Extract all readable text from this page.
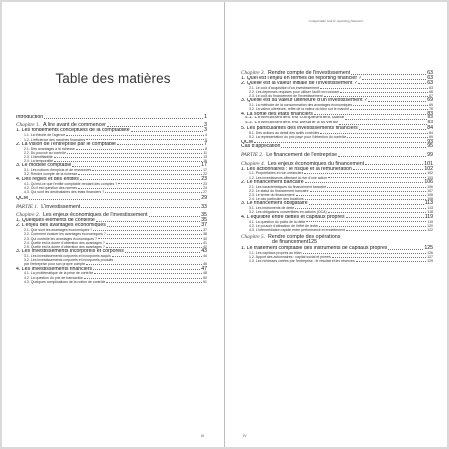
Table des matières
Introduction	1
Chapitre 1. À lire avant de commencer	3
1. Les fondements conceptuels de la comptabilité	3
1.1. La théorie de l'agence	4
1.2. L'efficience des marchés financiers	5
2. La vision de l'entreprise par le comptable	7
2.1. Des avantages à la richesse	8
2.2. Du pouvoir au contrôle	11
2.3. L'identifiabilité	13
2.4. La temporalité	16
3. Le modèle comptable	17
3.1. Les notions d'emplois et de ressources	17
3.2. Rendre compte de la richesse	22
4. Des règles et des entités	23
4.1. Qu'est-ce que l'entité comptable rendant des comptes ?	23
4.2. Où il est question des normes	24
4.3. Qui sont les destinataires des états financiers ?	27
QCM	29
PARTIE 1. L'investissement	33
Chapitre 2. Les enjeux économiques de l'investissement	35
1. Quelques éléments de contexte	35
2. L'enjeu des avantages économiques	37
2.1. Que sont les avantages économiques ?	37
2.2. Comment évaluer les avantages économiques ?	38
2.3. Qui contrôle les avantages économiques ?	40
2.4. Quelle est la durée d'obtention des avantages ?	41
2.5. Quelle est la durée d'obtention des avantages ?	42
3. Les investissements incorporels et corporels	43
3.1. Les investissements corporels et incorporels acquis	44
3.2. Les investissements corporels et incorporels produits
par l'entreprise pour son propre compte	46
4. Les investissements financiers	47
4.1. La problématique de la prise de contrôle	48
4.2. La question du prix de transaction	50
4.3. Quelques complications de la notion de contrôle	51
III
Comprendre tout le reporting financier
Chapitre 3. Rendre compte de l'investissement	63
1. Quel est l'enjeu en termes de reporting financier ?	63
2. Quelle est la valeur initiale de l'investissement ?	63
2.1. Le coût d'acquisition d'un investissement	63
2.2. Les dépenses requises pour utiliser l'actif non courant	66
2.3. Le coût du financement de l'investissement	67
3. Quelle est sa valeur ultérieure d'un investissement ?	69
3.1. La méthode de la consommation des avantages économiques	69
3.2. La valeur ultérieure, reflet de la valeur du bien sur le marché	76
4. La sortie des états financiers	83
4.1. L'investissement est complètement utilisé	83
4.2. L'investissement est destiné à la vente	83
5. Les particularités des investissements financiers	84
5.1. Des actions au détail des actifs contrôlés	84
5.2. La représentation du prix payé pour l'obtention du contrôle	89
QCM	93
Cas d'application	95
PARTIE 2. Le financement de l'entreprise	99
Chapitre 4. Les enjeux économiques du financement	101
1. Les actionnaires : le risque et la rémunération	102
1.1. Propriétaires et non créanciers	102
1.2. Les investisseurs affectant la rive d'une action	103
2. Le financement bancaire	106
2.1. Les caractéristiques du financement bancaire	106
2.2. Le statut du financement bancaire	107
2.3. Le terme du financement	108
2.4. Le cas particulier des locations	108
3. Le financement obligataire	113
3.1. Les instruments de dette	113
3.2. Les obligations convertibles en actions (OCA)	118
4. L'équilibre entre dettes et capitaux propres	119
4.1. La question du poids de la dette	119
4.2. Le pouvoir d'attraction de l'effet de levier	120
4.3. L'intermédiation rapide entre performance et endettement	122
Chapitre 5. Rendre compte des opérations
de financement 125
1. Le traitement comptable des instruments de capitaux propres	125
1.1. Les capitaux propres au bilan	126
1.2. Apport des actionnaires : capital social et primes	127
1.3. Les richesses créées par l'entreprise : le résultat et les réserves	129
IV
